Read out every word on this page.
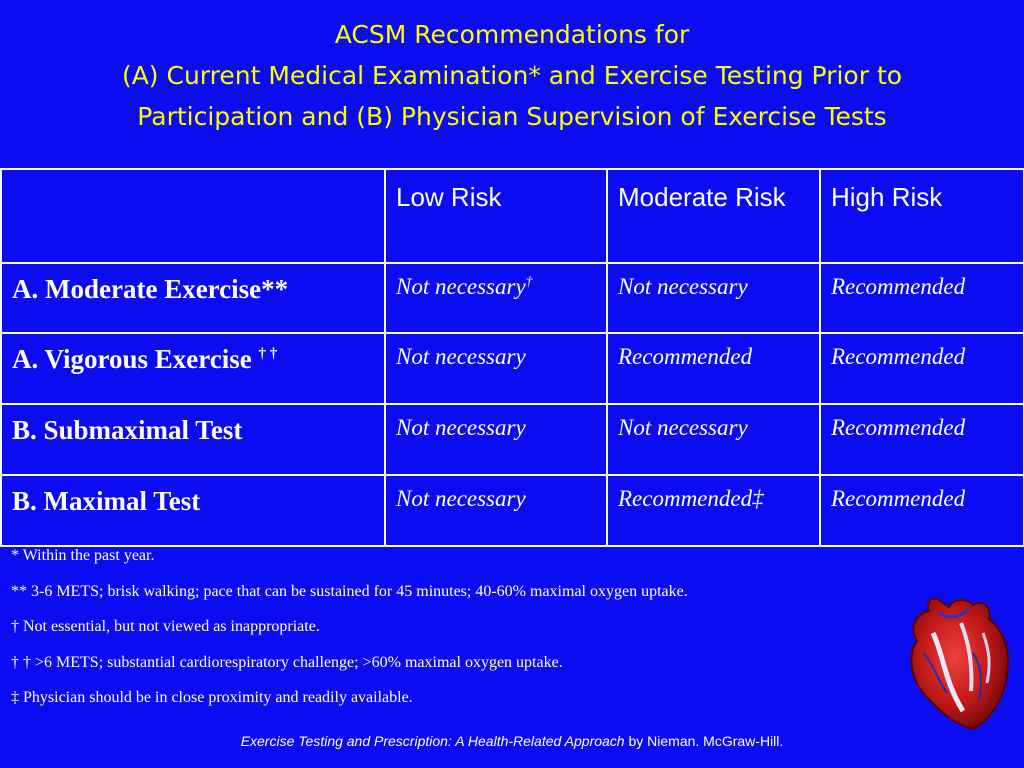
ACSM Recommendations for
(A) Current Medical Examination* and Exercise Testing Prior to
Participation and (B) Physician Supervision of Exercise Tests
	Low Risk	Moderate Risk	High Risk
A. Moderate Exercise**	Not necessary†	Not necessary	Recommended
A. Vigorous Exercise † †	Not necessary	Recommended	Recommended
B. Submaximal Test	Not necessary	Not necessary	Recommended
B. Maximal Test	Not necessary	Recommended‡	Recommended
* Within the past year.
** 3-6 METS; brisk walking; pace that can be sustained for 45 minutes; 40-60% maximal oxygen uptake.
† Not essential, but not viewed as inappropriate.
† † >6 METS; substantial cardiorespiratory challenge; >60% maximal oxygen uptake.
‡ Physician should be in close proximity and readily available.
Exercise Testing and Prescription: A Health-Related Approach by Nieman. McGraw-Hill.
